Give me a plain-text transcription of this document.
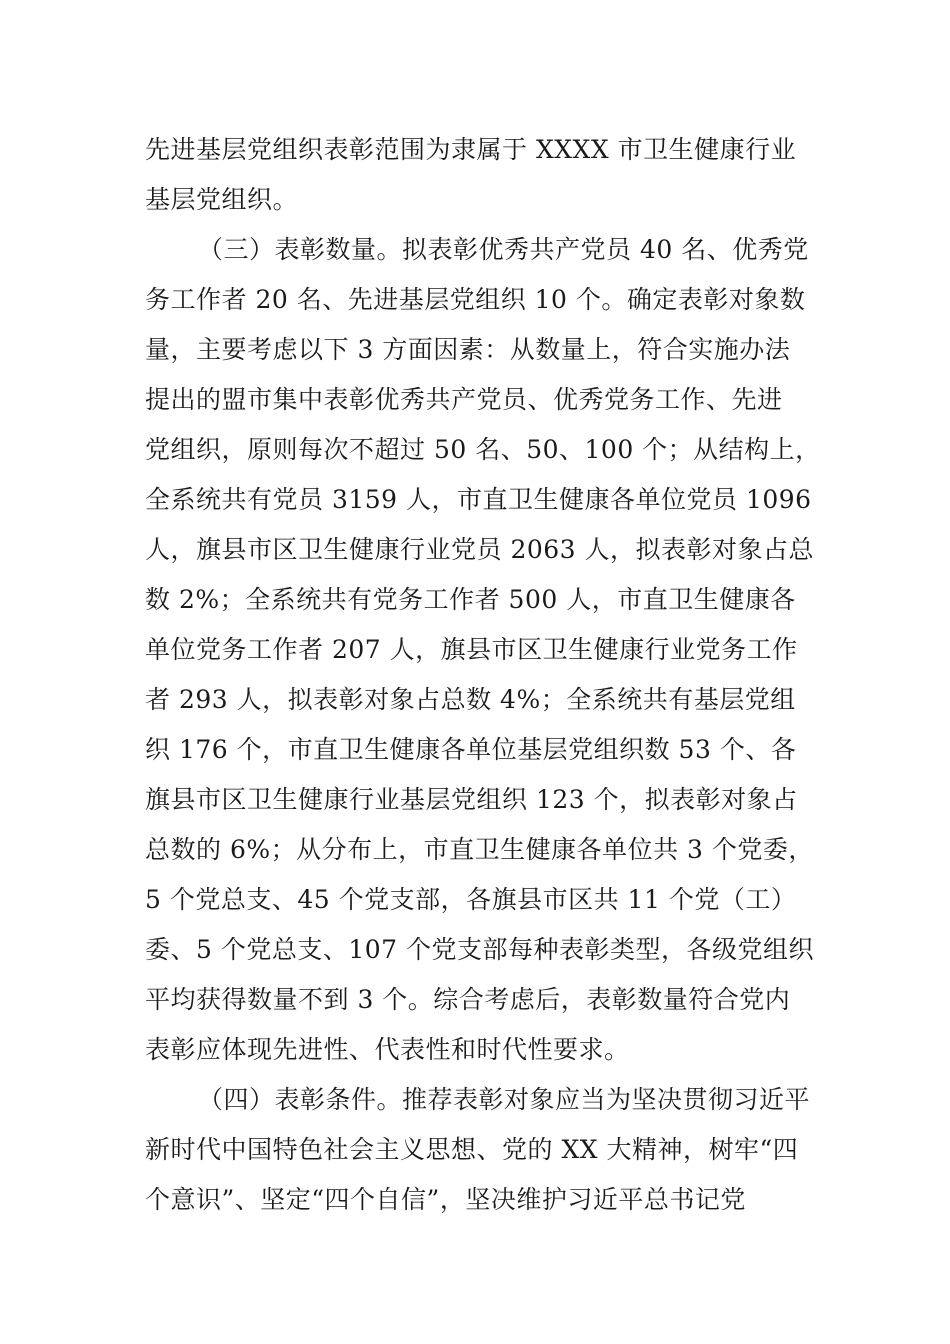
先进基层党组织表彰范围为隶属于 XXXX 市卫生健康行业
基层党组织。
（三）表彰数量。拟表彰优秀共产党员 40 名、优秀党
务工作者 20 名、先进基层党组织 10 个。确定表彰对象数
量，主要考虑以下 3 方面因素：从数量上，符合实施办法
提出的盟市集中表彰优秀共产党员、优秀党务工作、先进
党组织，原则每次不超过 50 名、50、100 个；从结构上，
全系统共有党员 3159 人，市直卫生健康各单位党员 1096
人，旗县市区卫生健康行业党员 2063 人，拟表彰对象占总
数 2%；全系统共有党务工作者 500 人，市直卫生健康各
单位党务工作者 207 人，旗县市区卫生健康行业党务工作
者 293 人，拟表彰对象占总数 4%；全系统共有基层党组
织 176 个，市直卫生健康各单位基层党组织数 53 个、各
旗县市区卫生健康行业基层党组织 123 个，拟表彰对象占
总数的 6%；从分布上，市直卫生健康各单位共 3 个党委，
5 个党总支、45 个党支部，各旗县市区共 11 个党（工）
委、5 个党总支、107 个党支部每种表彰类型，各级党组织
平均获得数量不到 3 个。综合考虑后，表彰数量符合党内
表彰应体现先进性、代表性和时代性要求。
（四）表彰条件。推荐表彰对象应当为坚决贯彻习近平
新时代中国特色社会主义思想、党的 XX 大精神，树牢“四
个意识”、坚定“四个自信”，坚决维护习近平总书记党
